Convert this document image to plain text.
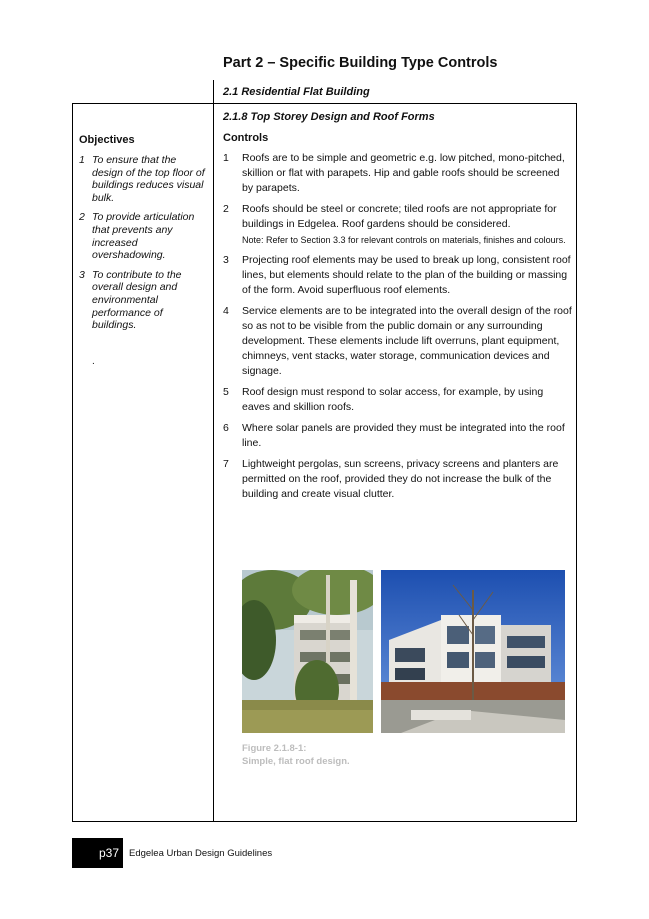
Part 2 – Specific Building Type Controls
2.1 Residential Flat Building
Objectives
1 To ensure that the design of the top floor of buildings reduces visual bulk.
2 To provide articulation that prevents any increased overshadowing.
3 To contribute to the overall design and environmental performance of buildings.
.
2.1.8 Top Storey Design and Roof Forms
Controls
1	Roofs are to be simple and geometric e.g. low pitched, mono-pitched, skillion or flat with parapets. Hip and gable roofs should be screened by parapets.
2	Roofs should be steel or concrete; tiled roofs are not appropriate for buildings in Edgelea. Roof gardens should be considered.
Note: Refer to Section 3.3 for relevant controls on materials, finishes and colours.
3	Projecting roof elements may be used to break up long, consistent roof lines, but elements should relate to the plan of the building or massing of the form. Avoid superfluous roof elements.
4	Service elements are to be integrated into the overall design of the roof so as not to be visible from the public domain or any surrounding development. These elements include lift overruns, plant equipment, chimneys, vent stacks, water storage, communication devices and signage.
5	Roof design must respond to solar access, for example, by using eaves and skillion roofs.
6	Where solar panels are provided they must be integrated into the roof line.
7	Lightweight pergolas, sun screens, privacy screens and planters are permitted on the roof, provided they do not increase the bulk of the building and create visual clutter.
Figure 2.1.8-1:
Simple, flat roof design.
p37 Edgelea Urban Design Guidelines
